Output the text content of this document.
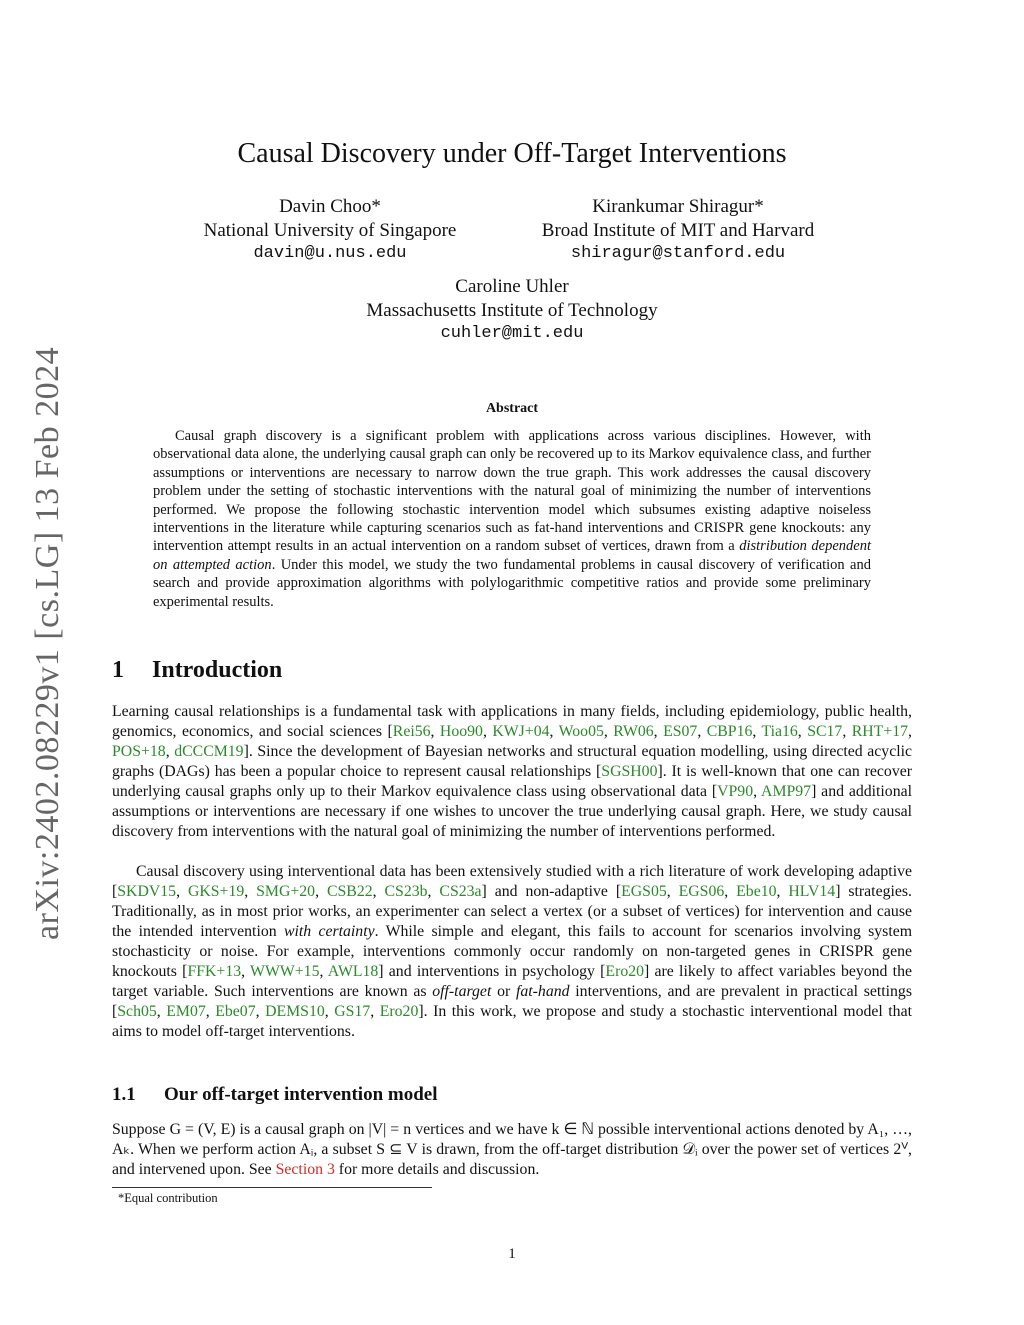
arXiv:2402.08229v1 [cs.LG] 13 Feb 2024
Causal Discovery under Off-Target Interventions
Davin Choo*
National University of Singapore
davin@u.nus.edu
Kirankumar Shiragur*
Broad Institute of MIT and Harvard
shiragur@stanford.edu
Caroline Uhler
Massachusetts Institute of Technology
cuhler@mit.edu
Abstract
Causal graph discovery is a significant problem with applications across various disciplines. However, with observational data alone, the underlying causal graph can only be recovered up to its Markov equivalence class, and further assumptions or interventions are necessary to narrow down the true graph. This work addresses the causal discovery problem under the setting of stochastic interventions with the natural goal of minimizing the number of interventions performed. We propose the following stochastic intervention model which subsumes existing adaptive noiseless interventions in the literature while capturing scenarios such as fat-hand interventions and CRISPR gene knockouts: any intervention attempt results in an actual intervention on a random subset of vertices, drawn from a distribution dependent on attempted action. Under this model, we study the two fundamental problems in causal discovery of verification and search and provide approximation algorithms with polylogarithmic competitive ratios and provide some preliminary experimental results.
1 Introduction

Learning causal relationships is a fundamental task with applications in many fields, including epidemiology, public health, genomics, economics, and social sciences [Rei56, Hoo90, KWJ+04, Woo05, RW06, ES07, CBP16, Tia16, SC17, RHT+17, POS+18, dCCCM19]. Since the development of Bayesian networks and structural equation modelling, using directed acyclic graphs (DAGs) has been a popular choice to represent causal relationships [SGSH00]. It is well-known that one can recover underlying causal graphs only up to their Markov equivalence class using observational data [VP90, AMP97] and additional assumptions or interventions are necessary if one wishes to uncover the true underlying causal graph. Here, we study causal discovery from interventions with the natural goal of minimizing the number of interventions performed.

Causal discovery using interventional data has been extensively studied with a rich literature of work developing adaptive [SKDV15, GKS+19, SMG+20, CSB22, CS23b, CS23a] and non-adaptive [EGS05, EGS06, Ebe10, HLV14] strategies. Traditionally, as in most prior works, an experimenter can select a vertex (or a subset of vertices) for intervention and cause the intended intervention with certainty. While simple and elegant, this fails to account for scenarios involving system stochasticity or noise. For example, interventions commonly occur randomly on non-targeted genes in CRISPR gene knockouts [FFK+13, WWW+15, AWL18] and interventions in psychology [Ero20] are likely to affect variables beyond the target variable. Such interventions are known as off-target or fat-hand interventions, and are prevalent in practical settings [Sch05, EM07, Ebe07, DEMS10, GS17, Ero20]. In this work, we propose and study a stochastic interventional model that aims to model off-target interventions.

1.1 Our off-target intervention model

Suppose G = (V, E) is a causal graph on |V| = n vertices and we have k ∈ ℕ possible interventional actions denoted by A₁, …, Aₖ. When we perform action Aᵢ, a subset S ⊆ V is drawn, from the off-target distribution 𝒟ᵢ over the power set of vertices 2ⱽ, and intervened upon. See Section 3 for more details and discussion.

*Equal contribution
1
